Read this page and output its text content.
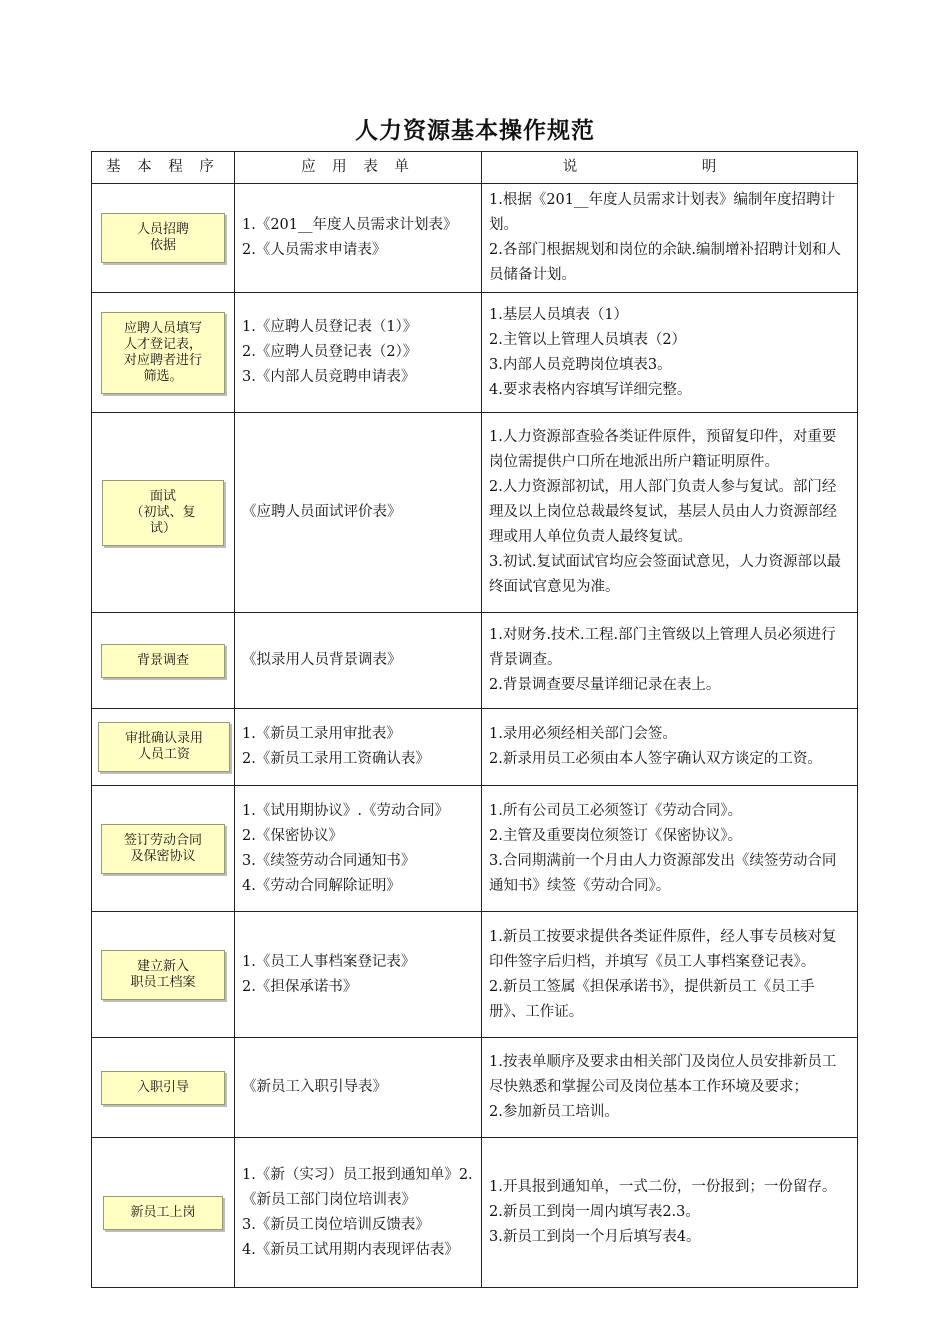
人力资源基本操作规范
基 本 程 序	应 用 表 单	说 明

人员招聘
依据	1.《201__年度人员需求计划表》
2.《人员需求申请表》	1.根据《201__年度人员需求计划表》编制年度招聘计划。
2.各部门根据规划和岗位的余缺.编制增补招聘计划和人员储备计划。

应聘人员填写
人才登记表，
对应聘者进行
筛选。	1.《应聘人员登记表（1）》
2.《应聘人员登记表（2）》
3.《内部人员竞聘申请表》	1.基层人员填表（1）
2.主管以上管理人员填表（2）
3.内部人员竞聘岗位填表3。
4.要求表格内容填写详细完整。

面试
（初试、复
试）	《应聘人员面试评价表》	1.人力资源部查验各类证件原件，预留复印件，对重要岗位需提供户口所在地派出所户籍证明原件。
2.人力资源部初试，用人部门负责人参与复试。部门经理及以上岗位总裁最终复试，基层人员由人力资源部经理或用人单位负责人最终复试。
3.初试.复试面试官均应会签面试意见，人力资源部以最终面试官意见为准。

背景调查	《拟录用人员背景调表》	1.对财务.技术.工程.部门主管级以上管理人员必须进行背景调查。
2.背景调查要尽量详细记录在表上。

审批确认录用
人员工资	1.《新员工录用审批表》
2.《新员工录用工资确认表》	1.录用必须经相关部门会签。
2.新录用员工必须由本人签字确认双方谈定的工资。

签订劳动合同
及保密协议	1.《试用期协议》.《劳动合同》
2.《保密协议》
3.《续签劳动合同通知书》
4.《劳动合同解除证明》	1.所有公司员工必须签订《劳动合同》。
2.主管及重要岗位须签订《保密协议》。
3.合同期满前一个月由人力资源部发出《续签劳动合同通知书》续签《劳动合同》。

建立新入
职员工档案	1.《员工人事档案登记表》
2.《担保承诺书》	1.新员工按要求提供各类证件原件，经人事专员核对复印件签字后归档，并填写《员工人事档案登记表》。
2.新员工签属《担保承诺书》，提供新员工《员工手册》、工作证。

入职引导	《新员工入职引导表》	1.按表单顺序及要求由相关部门及岗位人员安排新员工尽快熟悉和掌握公司及岗位基本工作环境及要求；
2.参加新员工培训。

新员工上岗	1.《新（实习）员工报到通知单》2.《新员工部门岗位培训表》
3.《新员工岗位培训反馈表》
4.《新员工试用期内表现评估表》	1.开具报到通知单，一式二份，一份报到；一份留存。
2.新员工到岗一周内填写表2.3。
3.新员工到岗一个月后填写表4。
